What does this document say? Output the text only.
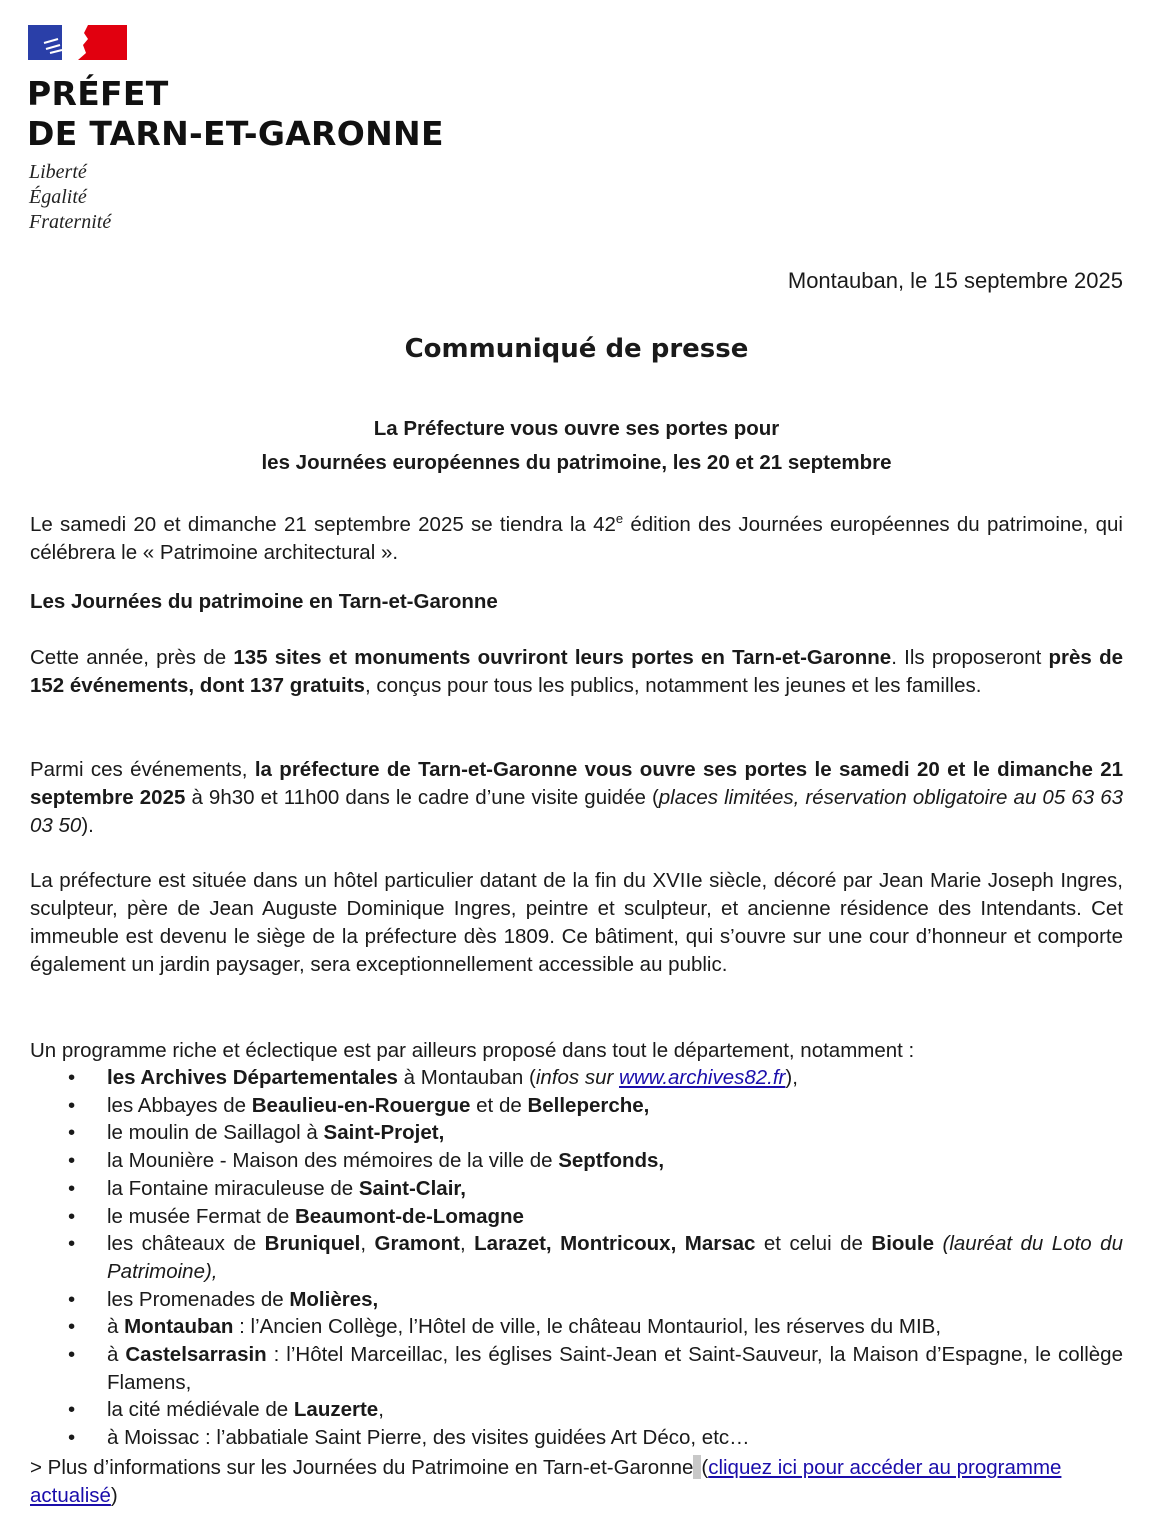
PRÉFET
DE TARN-ET-GARONNE
Liberté
Égalité
Fraternité
Montauban, le 15 septembre 2025
Communiqué de presse
La Préfecture vous ouvre ses portes pour
les Journées européennes du patrimoine, les 20 et 21 septembre
Le samedi 20 et dimanche 21 septembre 2025 se tiendra la 42e édition des Journées européennes du patrimoine, qui célébrera le « Patrimoine architectural ».
Les Journées du patrimoine en Tarn-et-Garonne
Cette année, près de 135 sites et monuments ouvriront leurs portes en Tarn-et-Garonne. Ils proposeront près de 152 événements, dont 137 gratuits, conçus pour tous les publics, notamment les jeunes et les familles.
Parmi ces événements, la préfecture de Tarn-et-Garonne vous ouvre ses portes le samedi 20 et le dimanche 21 septembre 2025 à 9h30 et 11h00 dans le cadre d’une visite guidée (places limitées, réservation obligatoire au 05 63 63 03 50).
La préfecture est située dans un hôtel particulier datant de la fin du XVIIe siècle, décoré par Jean Marie Joseph Ingres, sculpteur, père de Jean Auguste Dominique Ingres, peintre et sculpteur, et ancienne résidence des Intendants. Cet immeuble est devenu le siège de la préfecture dès 1809. Ce bâtiment, qui s’ouvre sur une cour d’honneur et comporte également un jardin paysager, sera exceptionnellement accessible au public.
Un programme riche et éclectique est par ailleurs proposé dans tout le département, notamment :
• les Archives Départementales à Montauban (infos sur www.archives82.fr),
• les Abbayes de Beaulieu-en-Rouergue et de Belleperche,
• le moulin de Saillagol à Saint-Projet,
• la Mounière - Maison des mémoires de la ville de Septfonds,
• la Fontaine miraculeuse de Saint-Clair,
• le musée Fermat de Beaumont-de-Lomagne
• les châteaux de Bruniquel, Gramont, Larazet, Montricoux, Marsac et celui de Bioule (lauréat du Loto du Patrimoine),
• les Promenades de Molières,
• à Montauban : l’Ancien Collège, l’Hôtel de ville, le château Montauriol, les réserves du MIB,
• à Castelsarrasin : l’Hôtel Marceillac, les églises Saint-Jean et Saint-Sauveur, la Maison d’Espagne, le collège Flamens,
• la cité médiévale de Lauzerte,
• à Moissac : l’abbatiale Saint Pierre, des visites guidées Art Déco, etc…
> Plus d’informations sur les Journées du Patrimoine en Tarn-et-Garonne (cliquez ici pour accéder au programme actualisé)
